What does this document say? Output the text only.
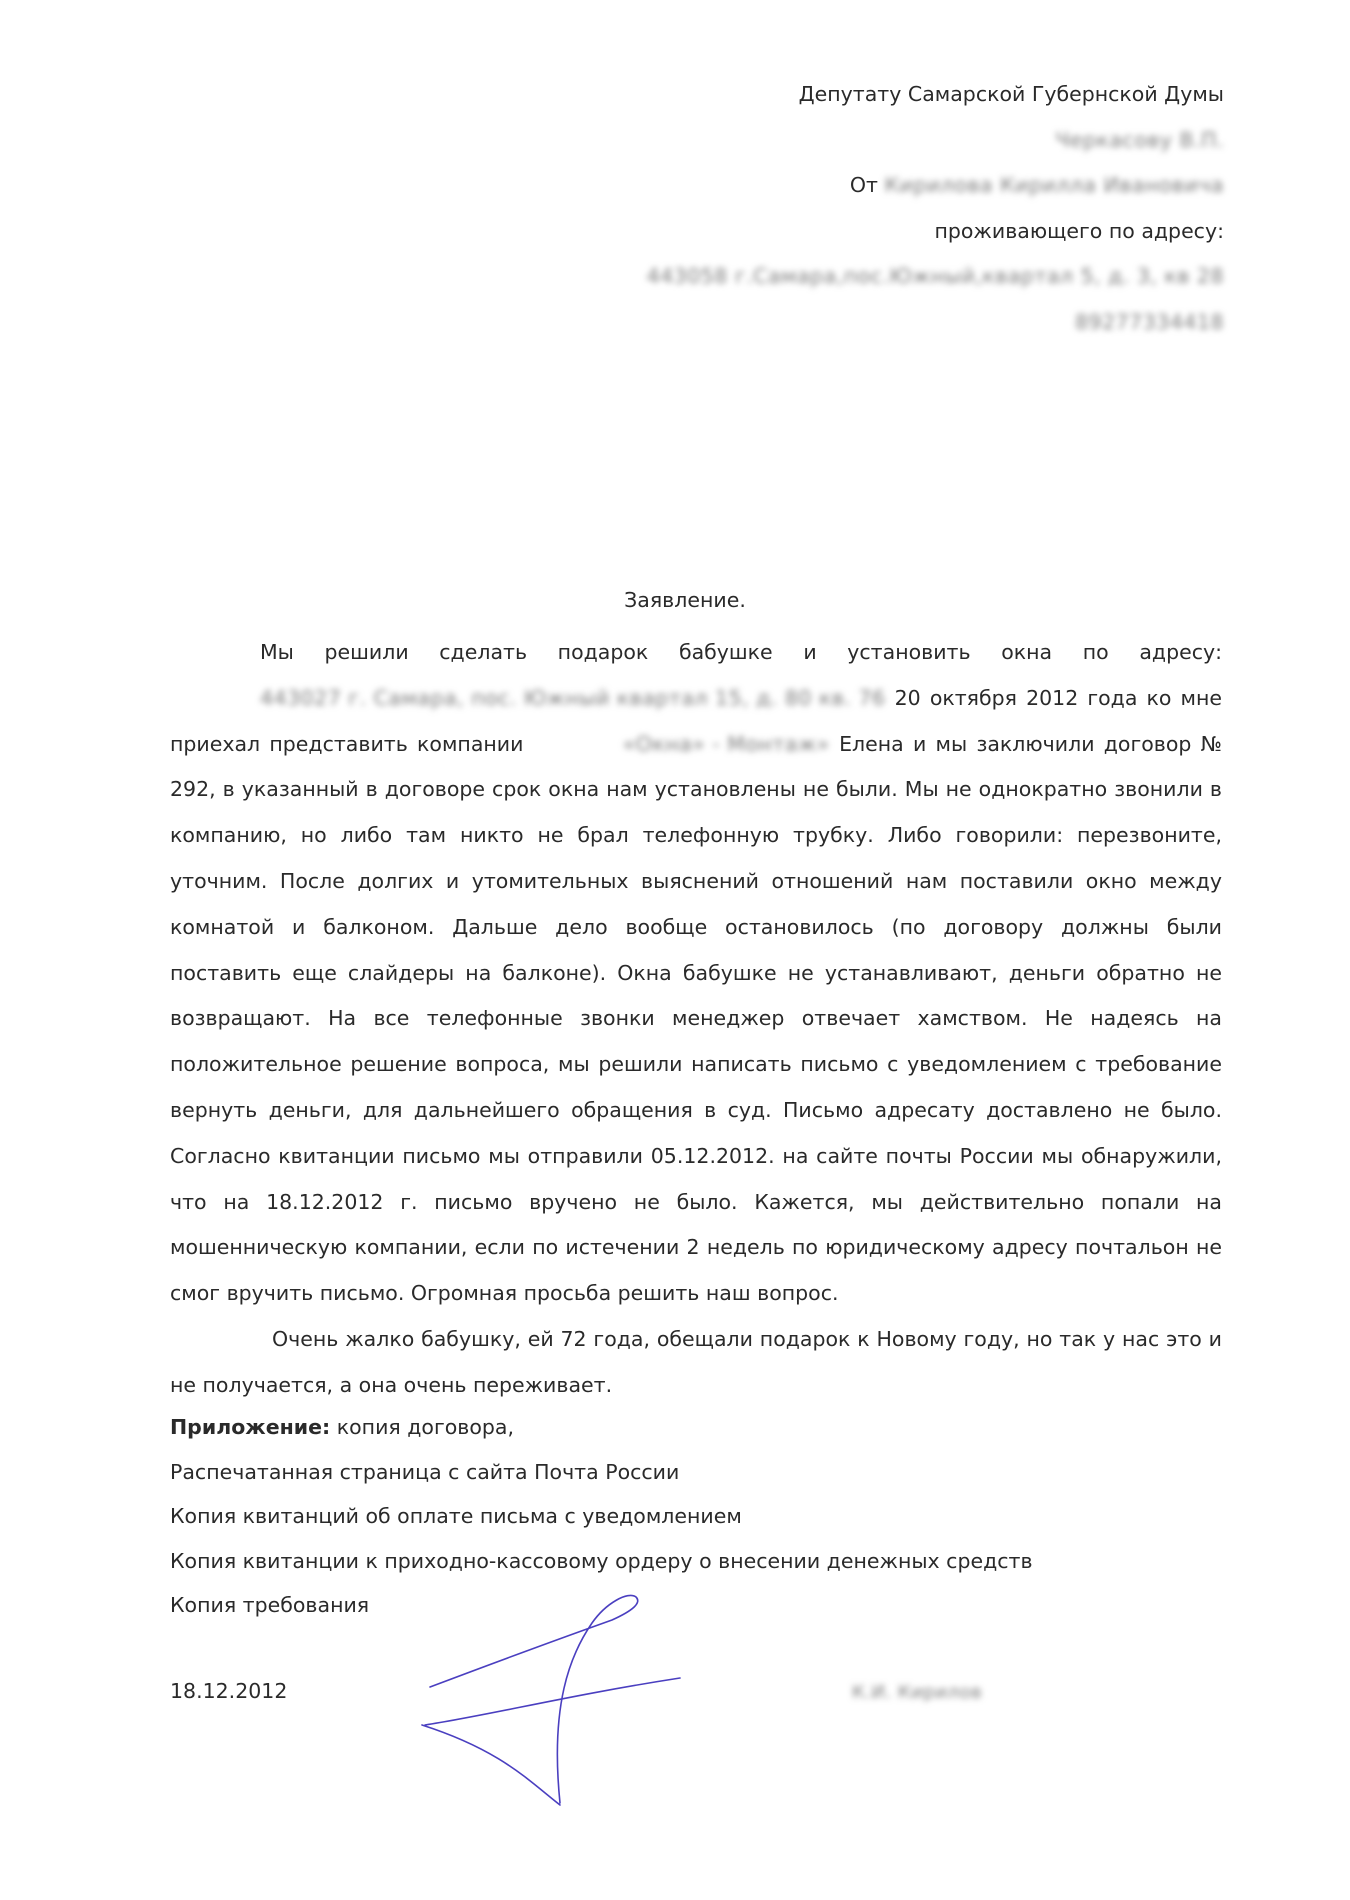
Депутату Самарской Губернской Думы
Черкасову В.П.
От Кирилова Кирилла Ивановича
проживающего по адресу:
443058 г.Самара,пос.Южный,квартал 5, д. 3, кв 28
89277334418
Заявление.

Мы решили сделать подарок бабушке и установить окна по адресу: 443027 г. Самара, пос. Южный квартал 15, д. 80 кв. 76 20 октября 2012 года ко мне приехал представить компании	«Окна» - Монтаж» Елена и мы заключили договор № 292, в указанный в договоре срок окна нам установлены не были. Мы не однократно звонили в компанию, но либо там никто не брал телефонную трубку. Либо говорили: перезвоните, уточним. После долгих и утомительных выяснений отношений нам поставили окно между комнатой и балконом. Дальше дело вообще остановилось (по договору должны были поставить еще слайдеры на балконе). Окна бабушке не устанавливают, деньги обратно не возвращают. На все телефонные звонки менеджер отвечает хамством. Не надеясь на положительное решение вопроса, мы решили написать письмо с уведомлением с требование вернуть деньги, для дальнейшего обращения в суд. Письмо адресату доставлено не было. Согласно квитанции письмо мы отправили 05.12.2012. на сайте почты России мы обнаружили, что на 18.12.2012 г. письмо вручено не было. Кажется, мы действительно попали на мошенническую компании, если по истечении 2 недель по юридическому адресу почтальон не смог вручить письмо. Огромная просьба решить наш вопрос.

Очень жалко бабушку, ей 72 года, обещали подарок к Новому году, но так у нас это и не получается, а она очень переживает.

Приложение: копия договора,
Распечатанная страница с сайта Почта России
Копия квитанций об оплате письма с уведомлением
Копия квитанции к приходно-кассовому ордеру о внесении денежных средств
Копия требования
18.12.2012	К.И. Кирилов
